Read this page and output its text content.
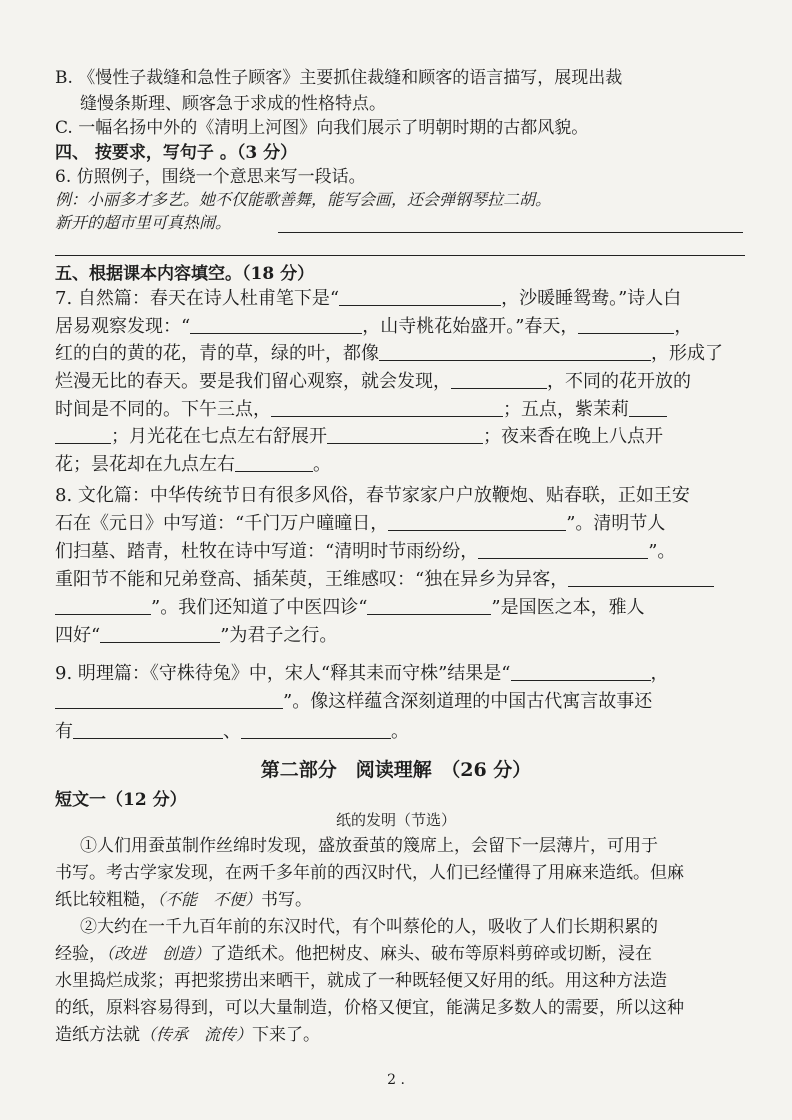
B. 《慢性子裁缝和急性子顾客》主要抓住裁缝和顾客的语言描写，展现出裁
缝慢条斯理、顾客急于求成的性格特点。
C. 一幅名扬中外的《清明上河图》向我们展示了明朝时期的古都风貌。
四、 按要求，写句子 。（3 分）
6. 仿照例子，围绕一个意思来写一段话。
例：小丽多才多艺。她不仅能歌善舞，能写会画，还会弹钢琴拉二胡。
新开的超市里可真热闹。
五、根据课本内容填空。（18 分）
7. 自然篇：春天在诗人杜甫笔下是“	，沙暖睡鸳鸯。”诗人白
居易观察发现：“	，山寺桃花始盛开。”春天，	，
红的白的黄的花，青的草，绿的叶，都像	，形成了
烂漫无比的春天。要是我们留心观察，就会发现，	，不同的花开放的
时间是不同的。下午三点，	；五点，紫茉莉
；月光花在七点左右舒展开	；夜来香在晚上八点开
花；昙花却在九点左右	。
8. 文化篇：中华传统节日有很多风俗，春节家家户户放鞭炮、贴春联，正如王安
石在《元日》中写道：“千门万户曈曈日，	”。清明节人
们扫墓、踏青，杜牧在诗中写道：“清明时节雨纷纷，	”。
重阳节不能和兄弟登高、插茱萸，王维感叹：“独在异乡为异客，
”。我们还知道了中医四诊“	”是国医之本，雅人
四好“	”为君子之行。
9. 明理篇：《守株待兔》中，宋人“释其耒而守株”结果是“	，
”。像这样蕴含深刻道理的中国古代寓言故事还
有	、	。
第二部分　阅读理解　（26 分）
短文一（12 分）
纸的发明（节选）
①人们用蚕茧制作丝绵时发现，盛放蚕茧的篾席上，会留下一层薄片，可用于
书写。考古学家发现，在两千多年前的西汉时代，人们已经懂得了用麻来造纸。但麻
纸比较粗糙，（不能　不便）书写。
②大约在一千九百年前的东汉时代，有个叫蔡伦的人，吸收了人们长期积累的
经验，（改进　创造）了造纸术。他把树皮、麻头、破布等原料剪碎或切断，浸在
水里捣烂成浆；再把浆捞出来晒干，就成了一种既轻便又好用的纸。用这种方法造
的纸，原料容易得到，可以大量制造，价格又便宜，能满足多数人的需要，所以这种
造纸方法就（传承　流传）下来了。
2 .
